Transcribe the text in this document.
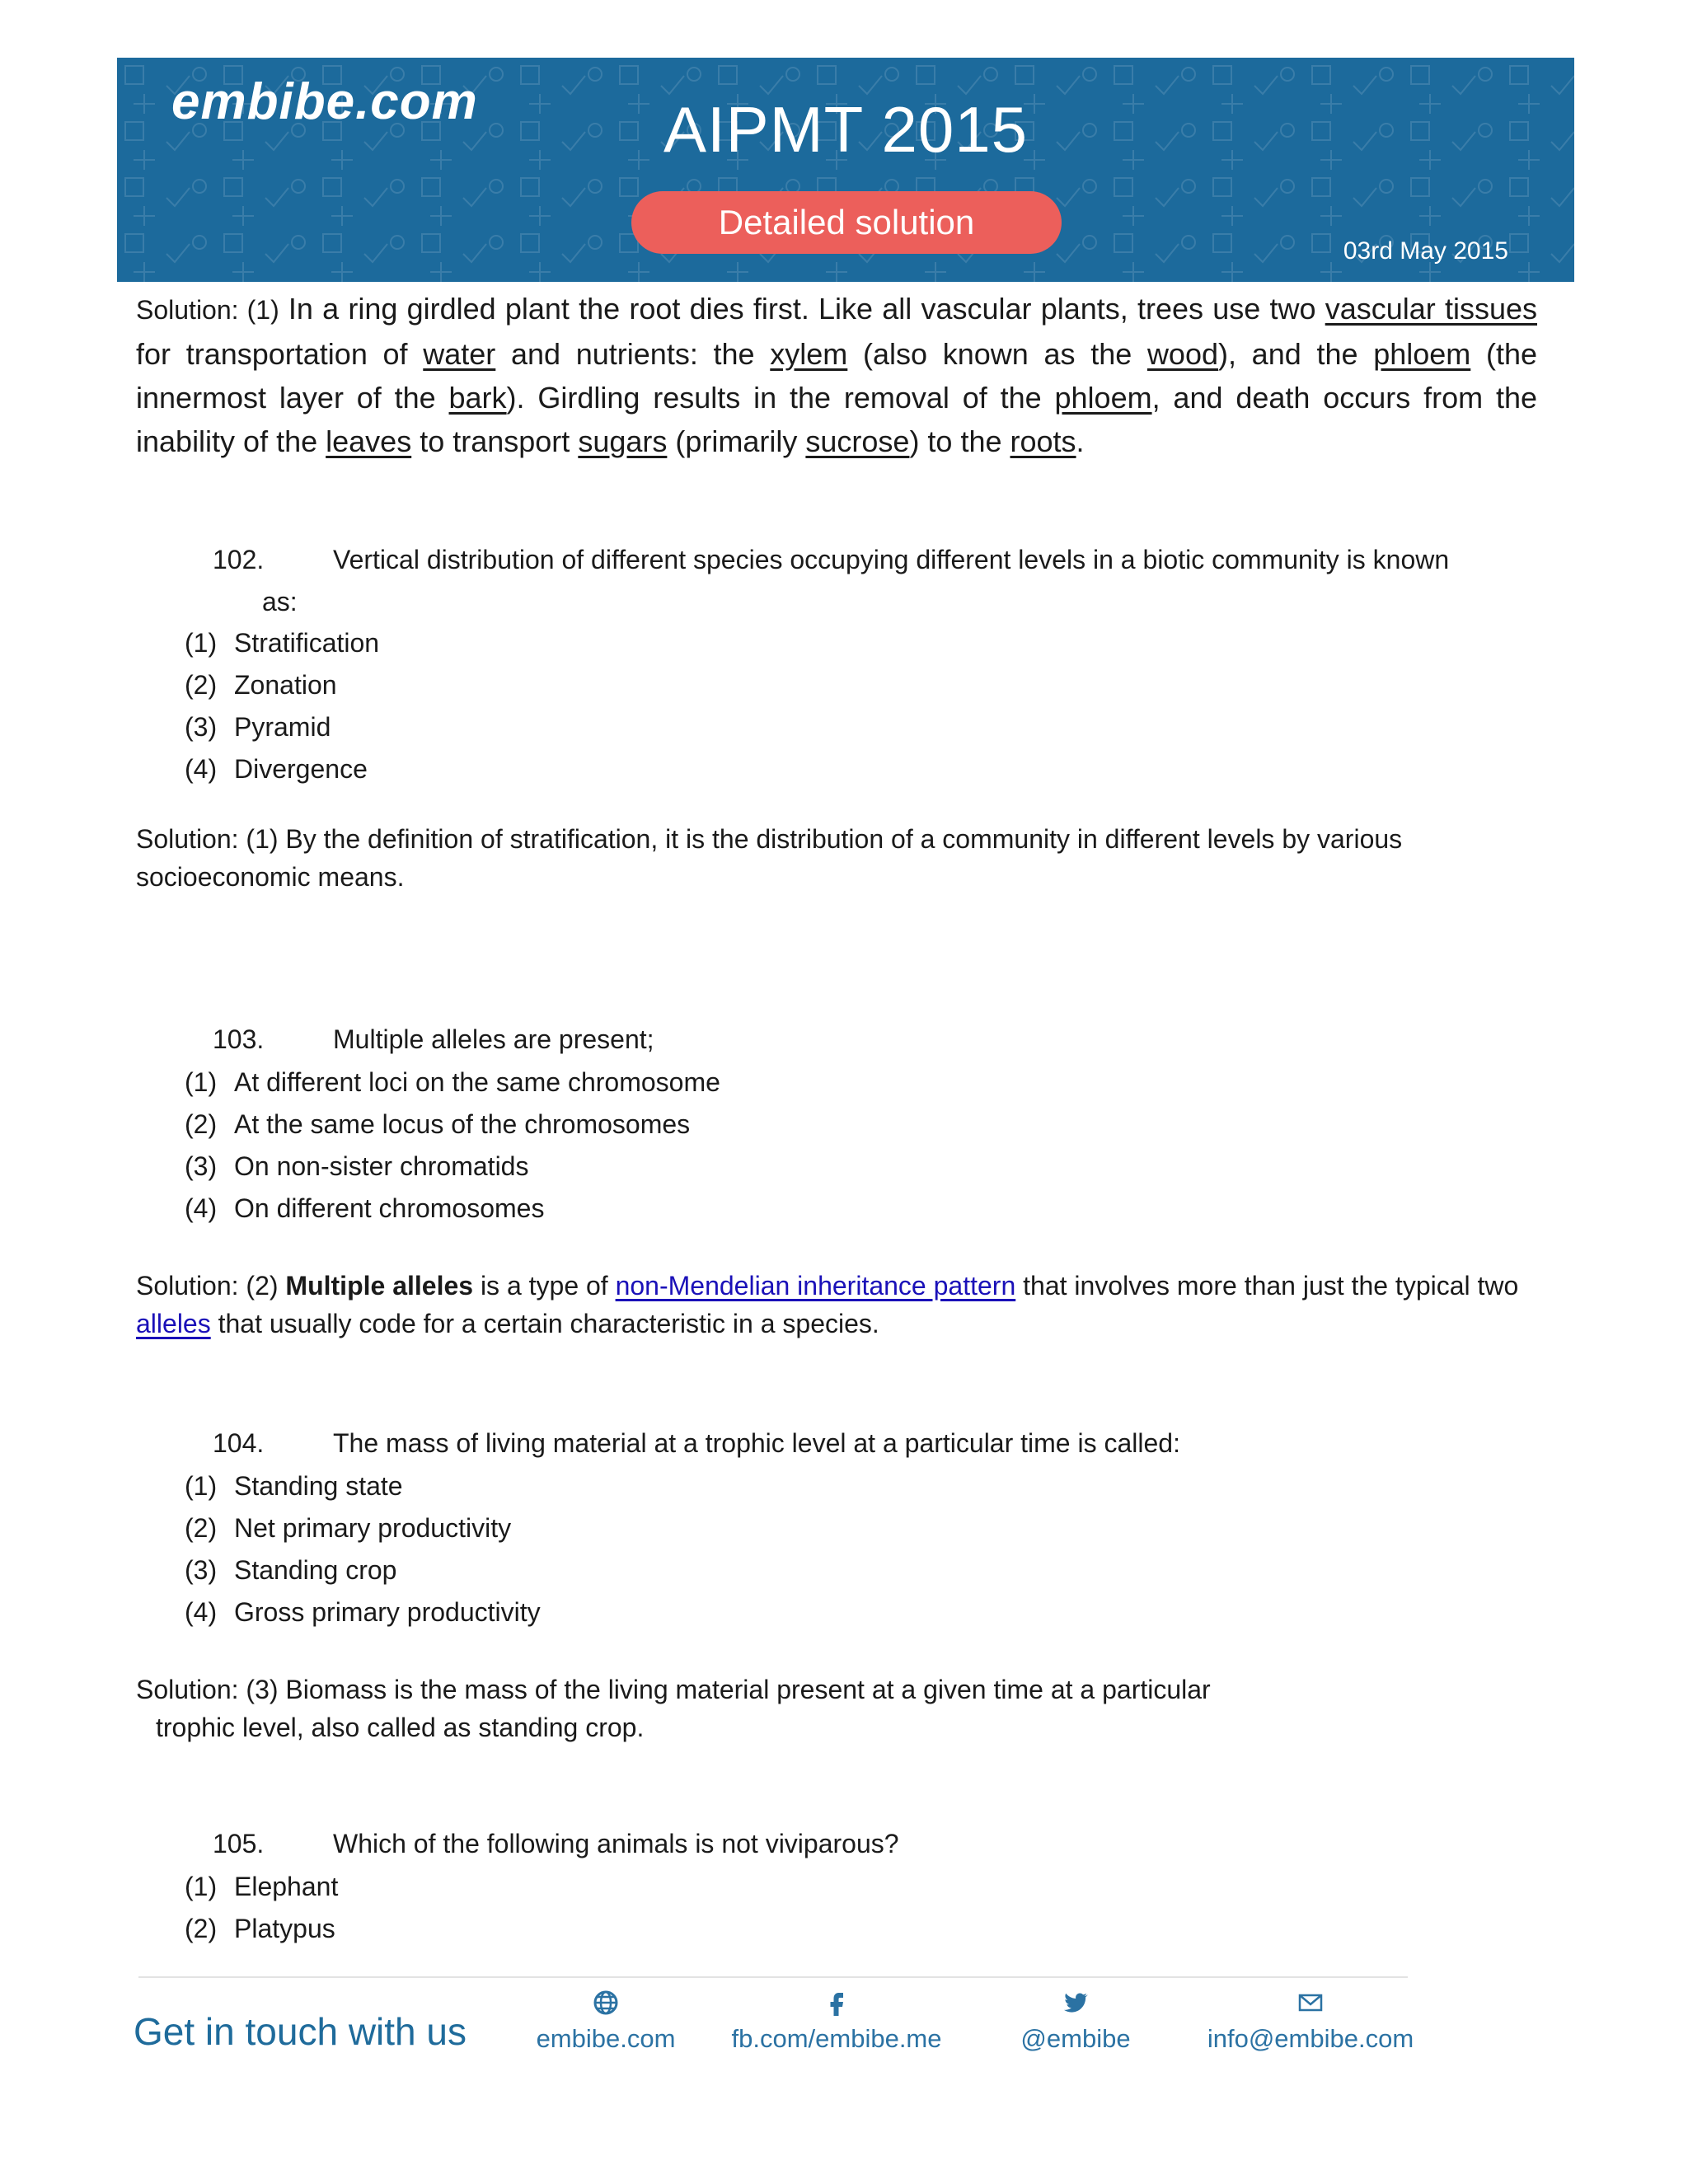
embibe.com	AIPMT 2015
Detailed solution
03rd May 2015
Solution: (1) In a ring girdled plant the root dies first. Like all vascular plants, trees use two vascular tissues for transportation of water and nutrients: the xylem (also known as the wood), and the phloem (the innermost layer of the bark). Girdling results in the removal of the phloem, and death occurs from the inability of the leaves to transport sugars (primarily sucrose) to the roots.
102.	Vertical distribution of different species occupying different levels in a biotic community is known
as:
(1) Stratification
(2) Zonation
(3) Pyramid
(4) Divergence
Solution: (1) By the definition of stratification, it is the distribution of a community in different levels by various
socioeconomic means.
103.	Multiple alleles are present;
(1) At different loci on the same chromosome
(2) At the same locus of the chromosomes
(3) On non-sister chromatids
(4) On different chromosomes
Solution: (2) Multiple alleles is a type of non-Mendelian inheritance pattern that involves more than just the typical two alleles that usually code for a certain characteristic in a species.
104.	The mass of living material at a trophic level at a particular time is called:
(1) Standing state
(2) Net primary productivity
(3) Standing crop
(4) Gross primary productivity
Solution: (3) Biomass is the mass of the living material present at a given time at a particular
trophic level, also called as standing crop.
105.	Which of the following animals is not viviparous?
(1) Elephant
(2) Platypus
Get in touch with us	embibe.com	fb.com/embibe.me	@embibe	info@embibe.com
